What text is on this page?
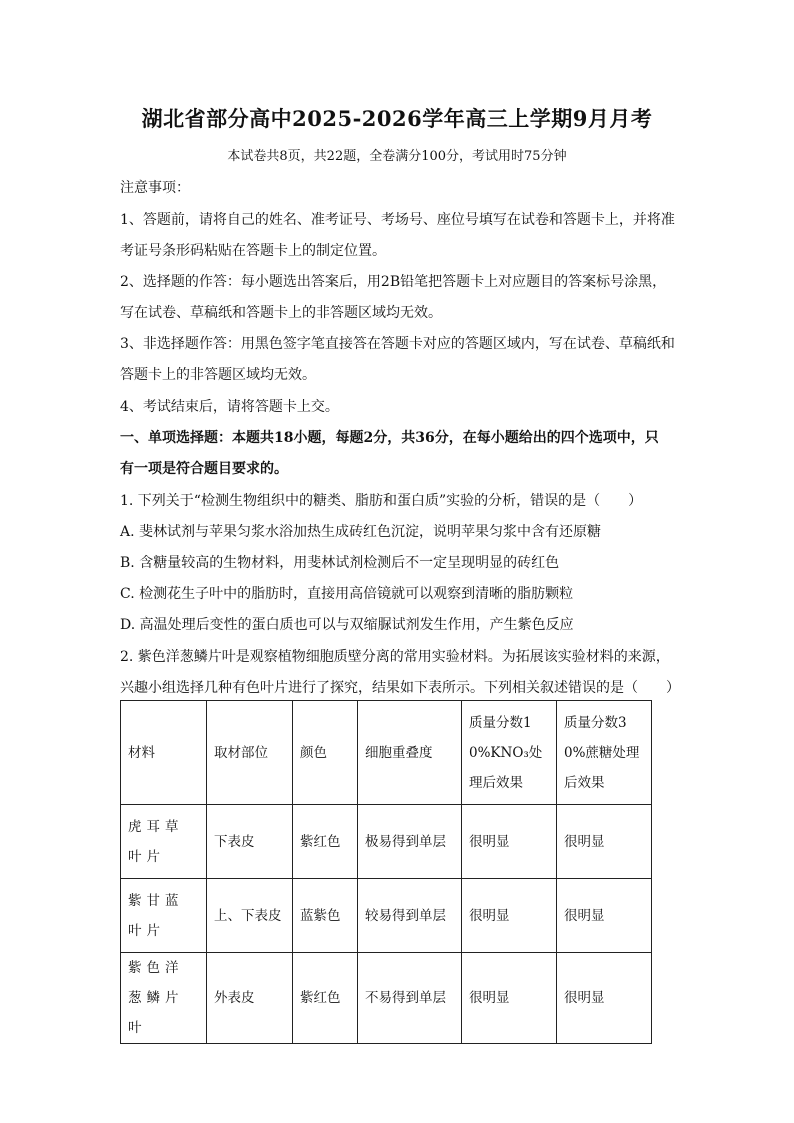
湖北省部分高中2025-2026学年高三上学期9月月考
本试卷共8页，共22题，全卷满分100分，考试用时75分钟
注意事项：
1、答题前，请将自己的姓名、准考证号、考场号、座位号填写在试卷和答题卡上，并将准
考证号条形码粘贴在答题卡上的制定位置。
2、选择题的作答：每小题选出答案后，用2B铅笔把答题卡上对应题目的答案标号涂黑，
写在试卷、草稿纸和答题卡上的非答题区域均无效。
3、非选择题作答：用黑色签字笔直接答在答题卡对应的答题区域内，写在试卷、草稿纸和
答题卡上的非答题区域均无效。
4、考试结束后，请将答题卡上交。
一、单项选择题：本题共18小题，每题2分，共36分，在每小题给出的四个选项中，只
有一项是符合题目要求的。
1. 下列关于“检测生物组织中的糖类、脂肪和蛋白质”实验的分析，错误的是（　　）
A. 斐林试剂与苹果匀浆水浴加热生成砖红色沉淀，说明苹果匀浆中含有还原糖
B. 含糖量较高的生物材料，用斐林试剂检测后不一定呈现明显的砖红色
C. 检测花生子叶中的脂肪时，直接用高倍镜就可以观察到清晰的脂肪颗粒
D. 高温处理后变性的蛋白质也可以与双缩脲试剂发生作用，产生紫色反应
2. 紫色洋葱鳞片叶是观察植物细胞质壁分离的常用实验材料。为拓展该实验材料的来源，
兴趣小组选择几种有色叶片进行了探究，结果如下表所示。下列相关叙述错误的是（　　）
材料	取材部位	颜色	细胞重叠度	质量分数10%KNO₃处理后效果	质量分数30%蔗糖处理后效果
虎耳草叶片	下表皮	紫红色	极易得到单层	很明显	很明显
紫甘蓝叶片	上、下表皮	蓝紫色	较易得到单层	很明显	很明显
紫色洋葱鳞片叶	外表皮	紫红色	不易得到单层	很明显	很明显
